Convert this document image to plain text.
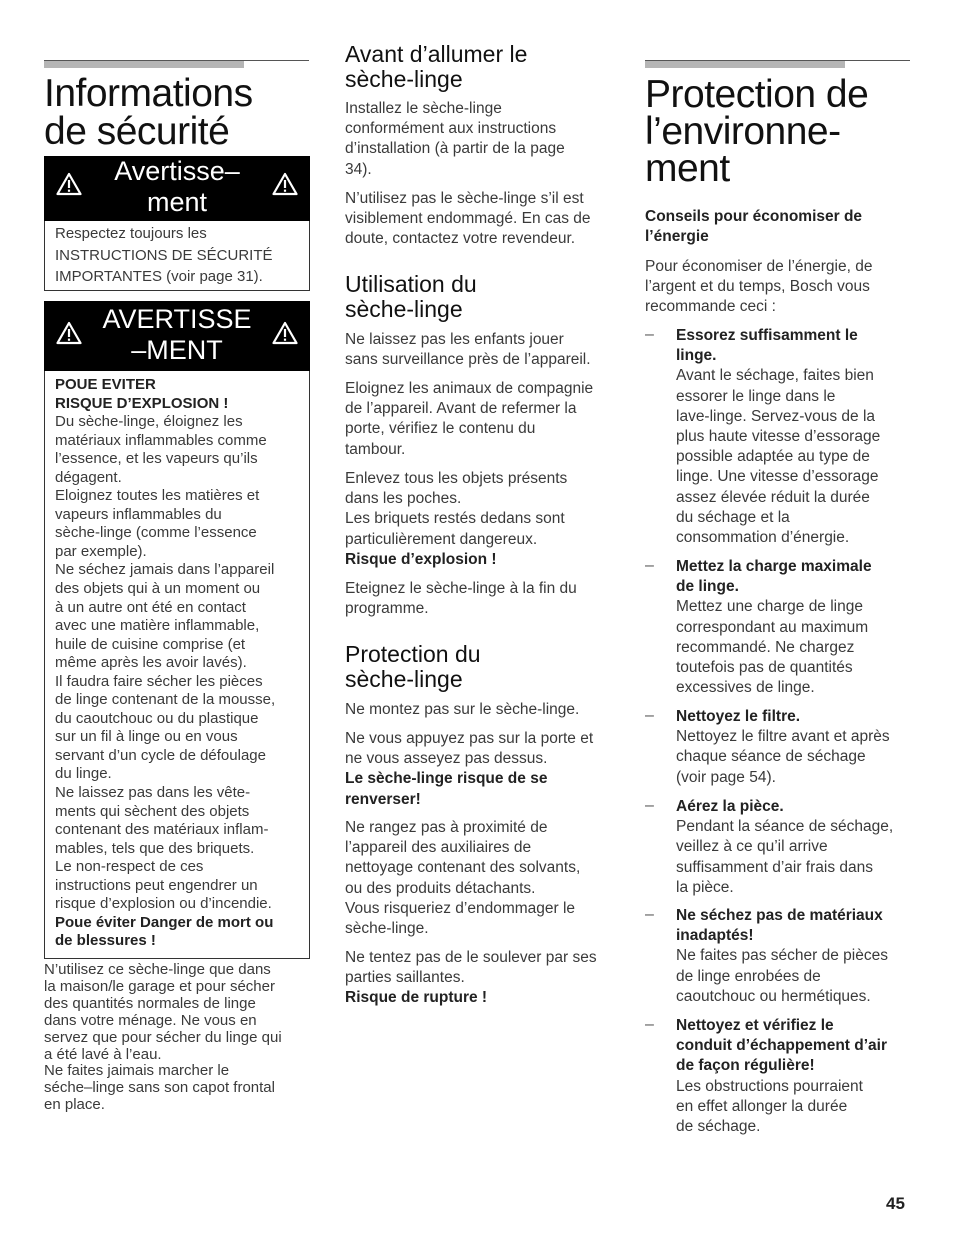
Informations
de sécurité
Avertisse–
ment
Respectez toujours les
INSTRUCTIONS DE SÉCURITÉ
IMPORTANTES (voir page 31).
AVERTISSE
–MENT
POUE EVITER
RISQUE D’EXPLOSION !
Du sèche-linge, éloignez les
matériaux inflammables comme
l’essence, et les vapeurs qu’ils
dégagent.
Eloignez toutes les matières et
vapeurs inflammables du
sèche-linge (comme l’essence
par exemple).
Ne séchez jamais dans l’appareil
des objets qui à un moment ou
à un autre ont été en contact
avec une matière inflammable,
huile de cuisine comprise (et
même après les avoir lavés).
Il faudra faire sécher les pièces
de linge contenant de la mousse,
du caoutchouc ou du plastique
sur un fil à linge ou en vous
servant d’un cycle de défoulage
du linge.
Ne laissez pas dans les vête-
ments qui sèchent des objets
contenant des matériaux inflam-
mables, tels que des briquets.
Le non-respect de ces
instructions peut engendrer un
risque d’explosion ou d’incendie.
Poue éviter Danger de mort ou
de blessures !
N’utilisez ce sèche-linge que dans
la maison/le garage et pour sécher
des quantités normales de linge
dans votre ménage. Ne vous en
servez que pour sécher du linge qui
a été lavé à l’eau.
Ne faites jaimais marcher le
séche–linge sans son capot frontal
en place.
Avant d’allumer le
sèche-linge

Installez le sèche-linge
conformément aux instructions
d’installation (à partir de la page
34).

N’utilisez pas le sèche-linge s’il est
visiblement endommagé. En cas de
doute, contactez votre revendeur.

Utilisation du
sèche-linge

Ne laissez pas les enfants jouer
sans surveillance près de l’appareil.

Eloignez les animaux de compagnie
de l’appareil. Avant de refermer la
porte, vérifiez le contenu du
tambour.

Enlevez tous les objets présents
dans les poches.
Les briquets restés dedans sont
particulièrement dangereux.
Risque d’explosion !

Eteignez le sèche-linge à la fin du
programme.

Protection du
sèche-linge

Ne montez pas sur le sèche-linge.

Ne vous appuyez pas sur la porte et
ne vous asseyez pas dessus.
Le sèche-linge risque de se
renverser!

Ne rangez pas à proximité de
l’appareil des auxiliaires de
nettoyage contenant des solvants,
ou des produits détachants.
Vous risqueriez d’endommager le
sèche-linge.

Ne tentez pas de le soulever par ses
parties saillantes.
Risque de rupture !

Protection de
l’environne-
ment

Conseils pour économiser de
l’énergie

Pour économiser de l’énergie, de
l’argent et du temps, Bosch vous
recommande ceci :

– Essorez suffisamment le
linge.
Avant le séchage, faites bien
essorer le linge dans le
lave-linge. Servez-vous de la
plus haute vitesse d’essorage
possible adaptée au type de
linge. Une vitesse d’essorage
assez élevée réduit la durée
du séchage et la
consommation d’énergie.

– Mettez la charge maximale
de linge.
Mettez une charge de linge
correspondant au maximum
recommandé. Ne chargez
toutefois pas de quantités
excessives de linge.

– Nettoyez le filtre.
Nettoyez le filtre avant et après
chaque séance de séchage
(voir page 54).

– Aérez la pièce.
Pendant la séance de séchage,
veillez à ce qu’il arrive
suffisamment d’air frais dans
la pièce.

– Ne séchez pas de matériaux
inadaptés!
Ne faites pas sécher de pièces
de linge enrobées de
caoutchouc ou hermétiques.

– Nettoyez et vérifiez le
conduit d’échappement d’air
de façon régulière!
Les obstructions pourraient
en effet allonger la durée
de séchage.

45
